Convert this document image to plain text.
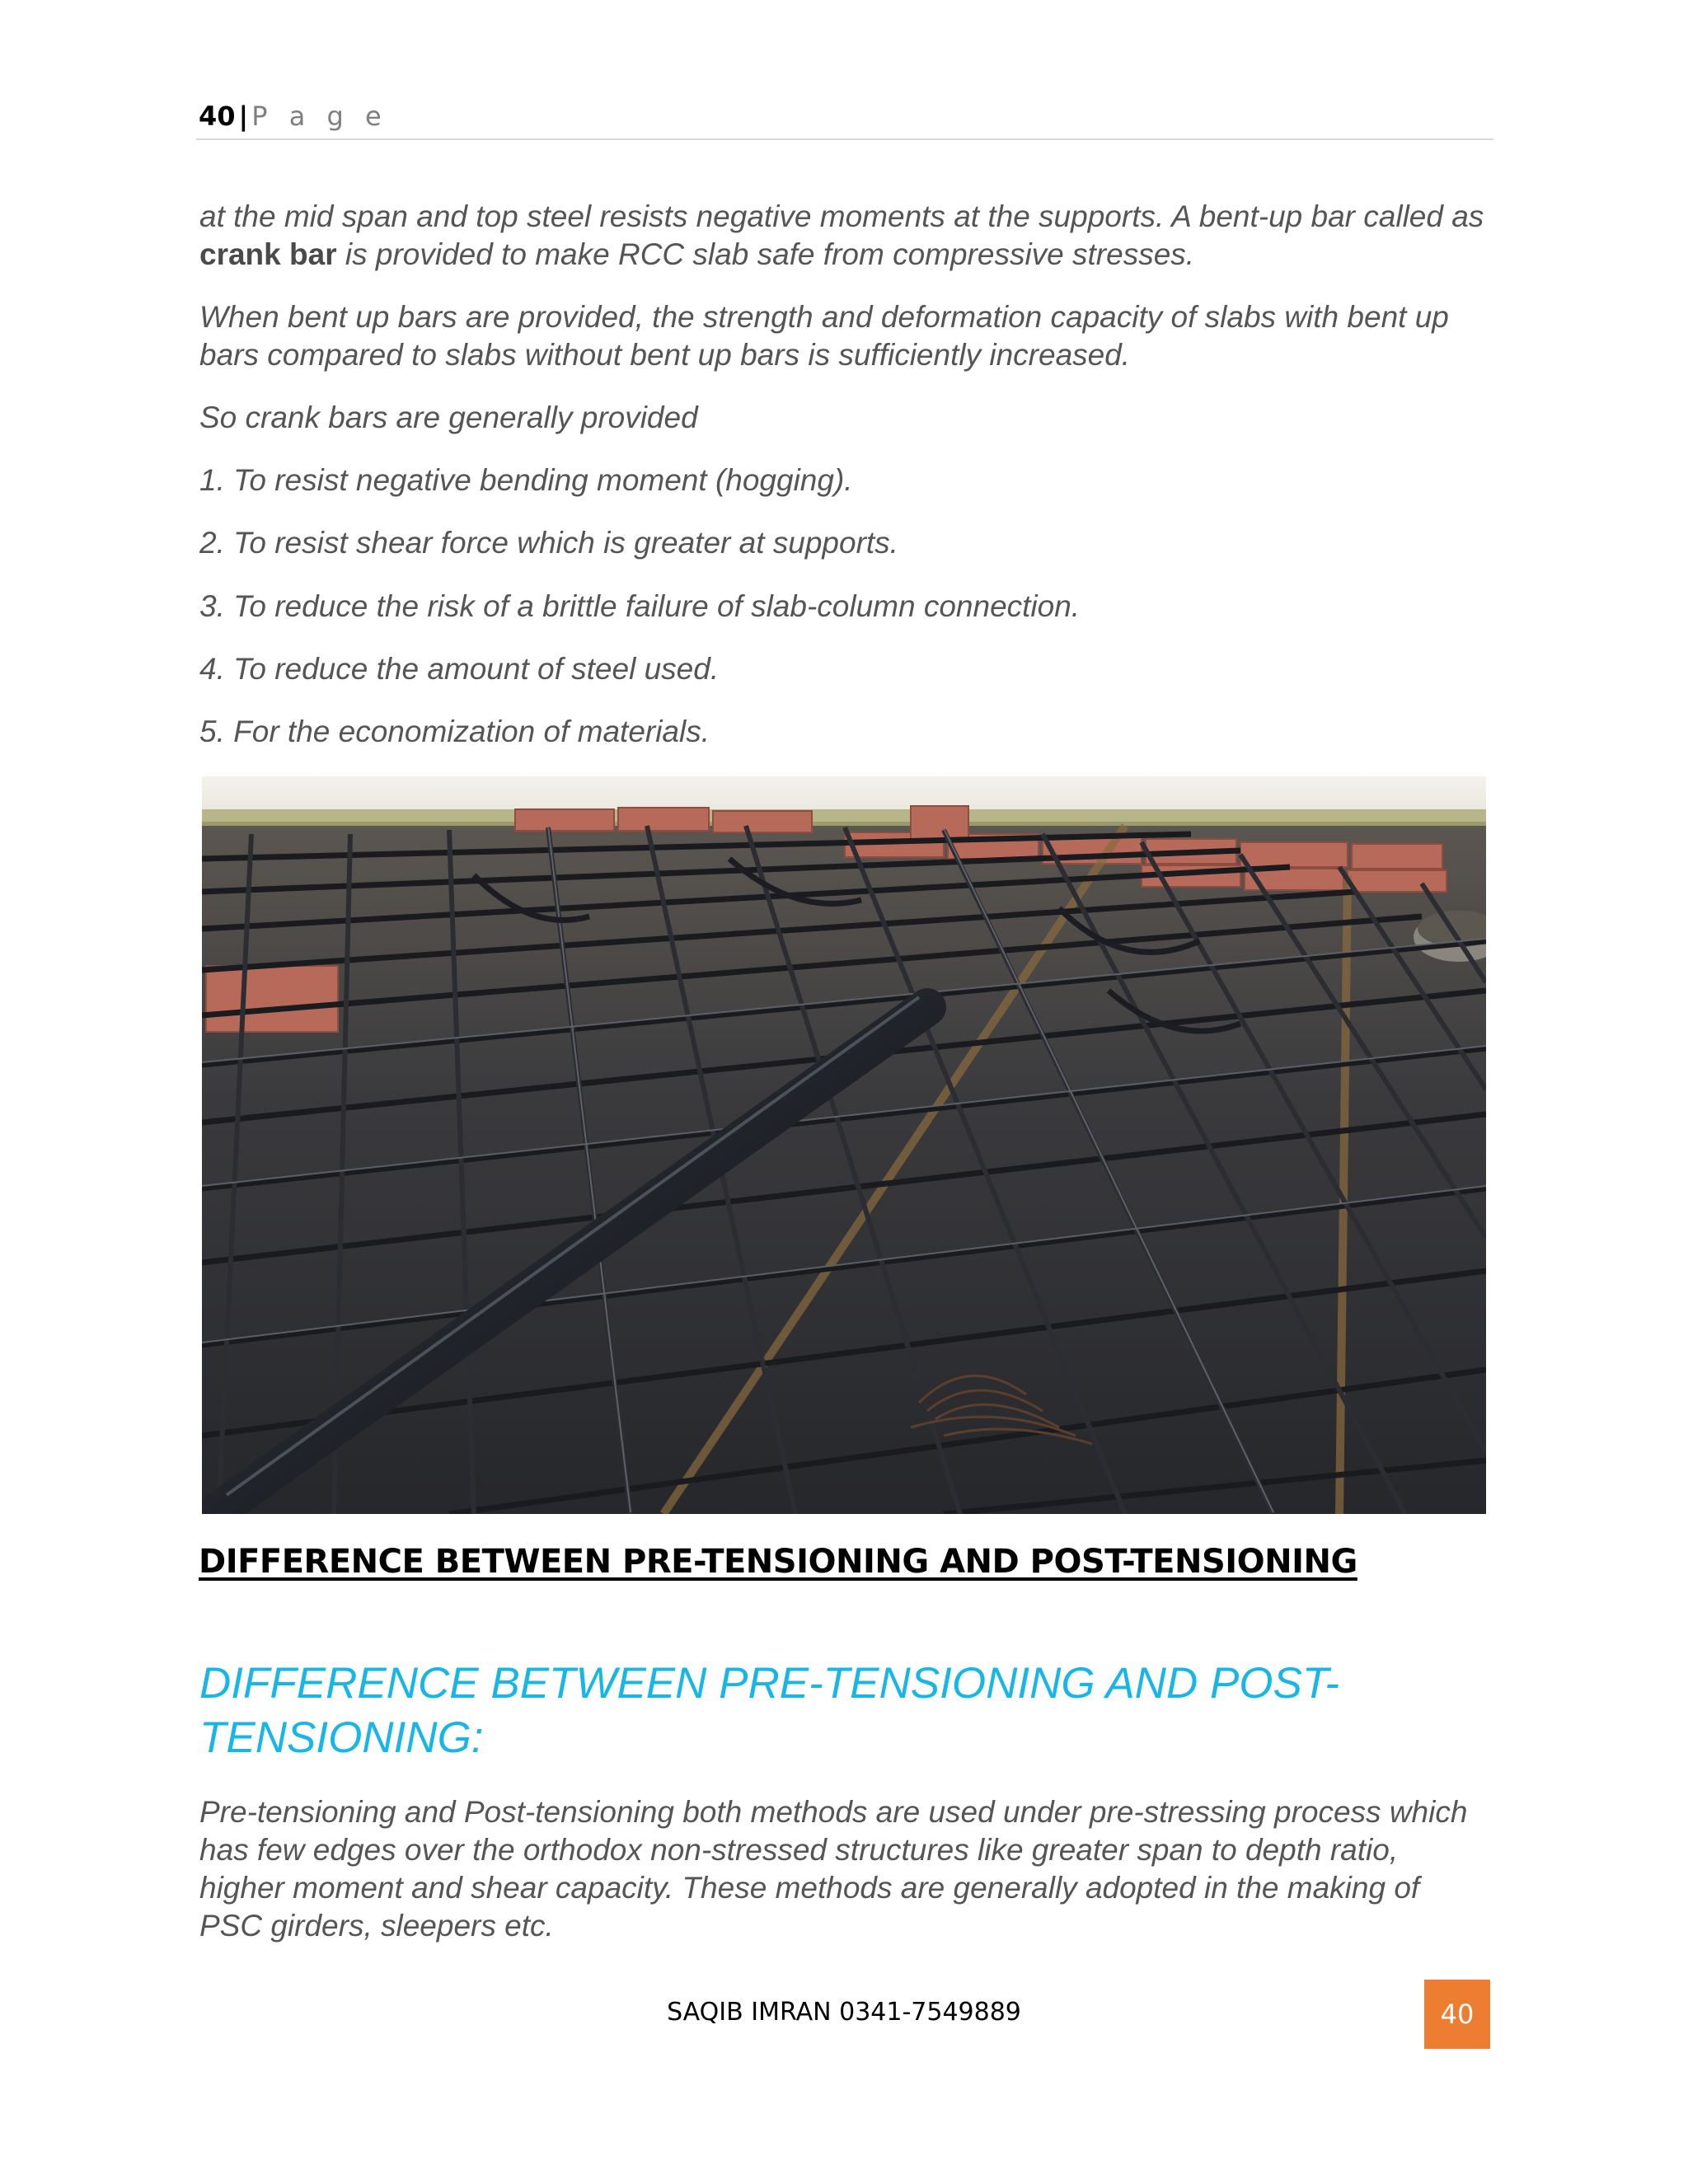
40 | P a g e
at the mid span and top steel resists negative moments at the supports. A bent-up bar called as crank bar is provided to make RCC slab safe from compressive stresses.
When bent up bars are provided, the strength and deformation capacity of slabs with bent up bars compared to slabs without bent up bars is sufficiently increased.
So crank bars are generally provided
1. To resist negative bending moment (hogging).
2. To resist shear force which is greater at supports.
3. To reduce the risk of a brittle failure of slab-column connection.
4. To reduce the amount of steel used.
5. For the economization of materials.
DIFFERENCE BETWEEN PRE-TENSIONING AND POST-TENSIONING
DIFFERENCE BETWEEN PRE-TENSIONING AND POST-TENSIONING:
Pre-tensioning and Post-tensioning both methods are used under pre-stressing process which has few edges over the orthodox non-stressed structures like greater span to depth ratio, higher moment and shear capacity. These methods are generally adopted in the making of PSC girders, sleepers etc.
SAQIB IMRAN 0341-7549889	40
